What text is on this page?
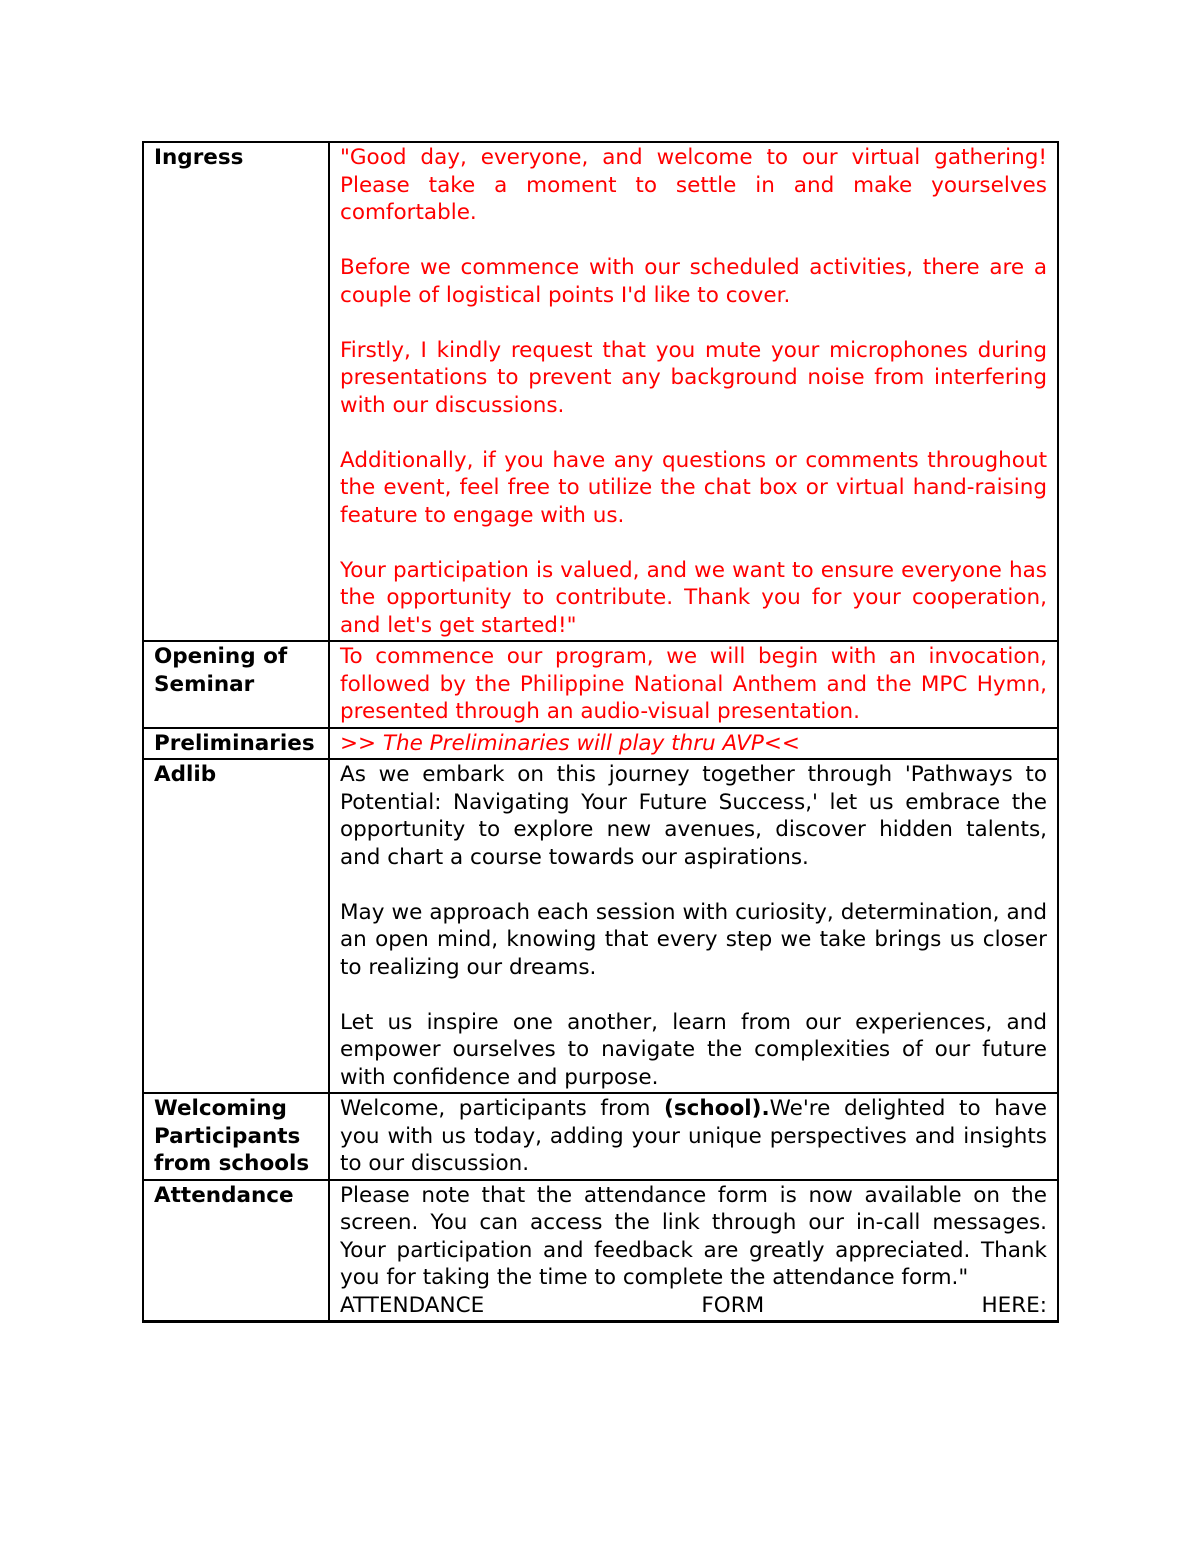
Ingress	"Good day, everyone, and welcome to our virtual gathering! Please take a moment to settle in and make yourselves comfortable.

Before we commence with our scheduled activities, there are a couple of logistical points I'd like to cover.

Firstly, I kindly request that you mute your microphones during presentations to prevent any background noise from interfering with our discussions.

Additionally, if you have any questions or comments throughout the event, feel free to utilize the chat box or virtual hand-raising feature to engage with us.

Your participation is valued, and we want to ensure everyone has the opportunity to contribute. Thank you for your cooperation, and let's get started!"

Opening of Seminar	To commence our program, we will begin with an invocation, followed by the Philippine National Anthem and the MPC Hymn, presented through an audio-visual presentation.

Preliminaries	>> The Preliminaries will play thru AVP<<

Adlib	As we embark on this journey together through 'Pathways to Potential: Navigating Your Future Success,' let us embrace the opportunity to explore new avenues, discover hidden talents, and chart a course towards our aspirations.

May we approach each session with curiosity, determination, and an open mind, knowing that every step we take brings us closer to realizing our dreams.

Let us inspire one another, learn from our experiences, and empower ourselves to navigate the complexities of our future with confidence and purpose.

Welcoming Participants from schools	Welcome, participants from (school).We're delighted to have you with us today, adding your unique perspectives and insights to our discussion.

Attendance	Please note that the attendance form is now available on the screen. You can access the link through our in-call messages. Your participation and feedback are greatly appreciated. Thank you for taking the time to complete the attendance form."

ATTENDANCE FORM HERE:
